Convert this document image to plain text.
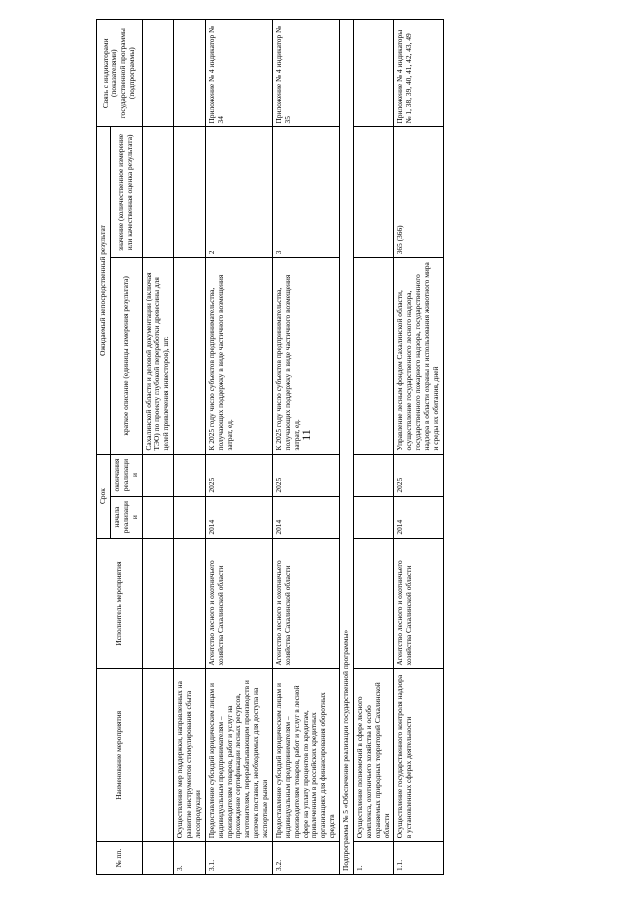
11
№ пп.	Наименование мероприятия	Исполнитель мероприятия	Срок		Ожидаемый непосредственный результат		Связь с индикаторами (показателями) государственной программы (подпрограммы)
			начала реализации	окончания реализации	краткое описание (единицы измерения результата)	значение (количественное измерение или качественная оценка результата)	
					Сахалинской области и деловой документации (включая ТЭО) по проекту глубокой переработки древесины для целей привлечения инвесторов), шт.		
3.	Осуществление мер поддержки, направленных на развитие инструментов стимулирования сбыта лесопродукции						
3.1.	Предоставление субсидий юридическим лицам и индивидуальным предпринимателям – производителям товаров, работ и услуг на прохождение сертификации лесных ресурсов, заготовителям, перерабатывающим производств и цепочек поставки, необходимых для доступа на экспортные рынки	Агентство лесного и охотничьего хозяйства Сахалинской области	2014	2025	К 2025 году число субъектов предпринимательства, получающих поддержку в виде частичного возмещения затрат, ед.	2	Приложение № 4 индикатор № 34
3.2.	Предоставление субсидий юридическим лицам и индивидуальным предпринимателям – производителям товаров, работ и услуг в лесной сфере на уплату процентов по кредитам, привлеченным в российских кредитных организациях для финансирования оборотных средств	Агентство лесного и охотничьего хозяйства Сахалинской области	2014	2025	К 2025 году число субъектов предпринимательства, получающих поддержку в виде частичного возмещения затрат, ед.	3	Приложение № 4 индикатор № 35
Подпрограмма № 5 «Обеспечение реализации государственной программы»							
1.	Осуществление полномочий в сфере лесного комплекса, охотничьего хозяйства и особо охраняемых природных территорий Сахалинской области						
1.1.	Осуществление государственного контроля надзора в установленных сферах деятельности	Агентство лесного и охотничьего хозяйства Сахалинской области	2014	2025	Управление лесным фондом Сахалинской области, осуществление государственного лесного надзора, государственного пожарного надзора, государственного надзора в области охраны и использования животного мира и среды их обитания, дней	365 (366)	Приложение № 4 индикаторы № 1, 38, 39, 40, 41, 42, 43, 49
